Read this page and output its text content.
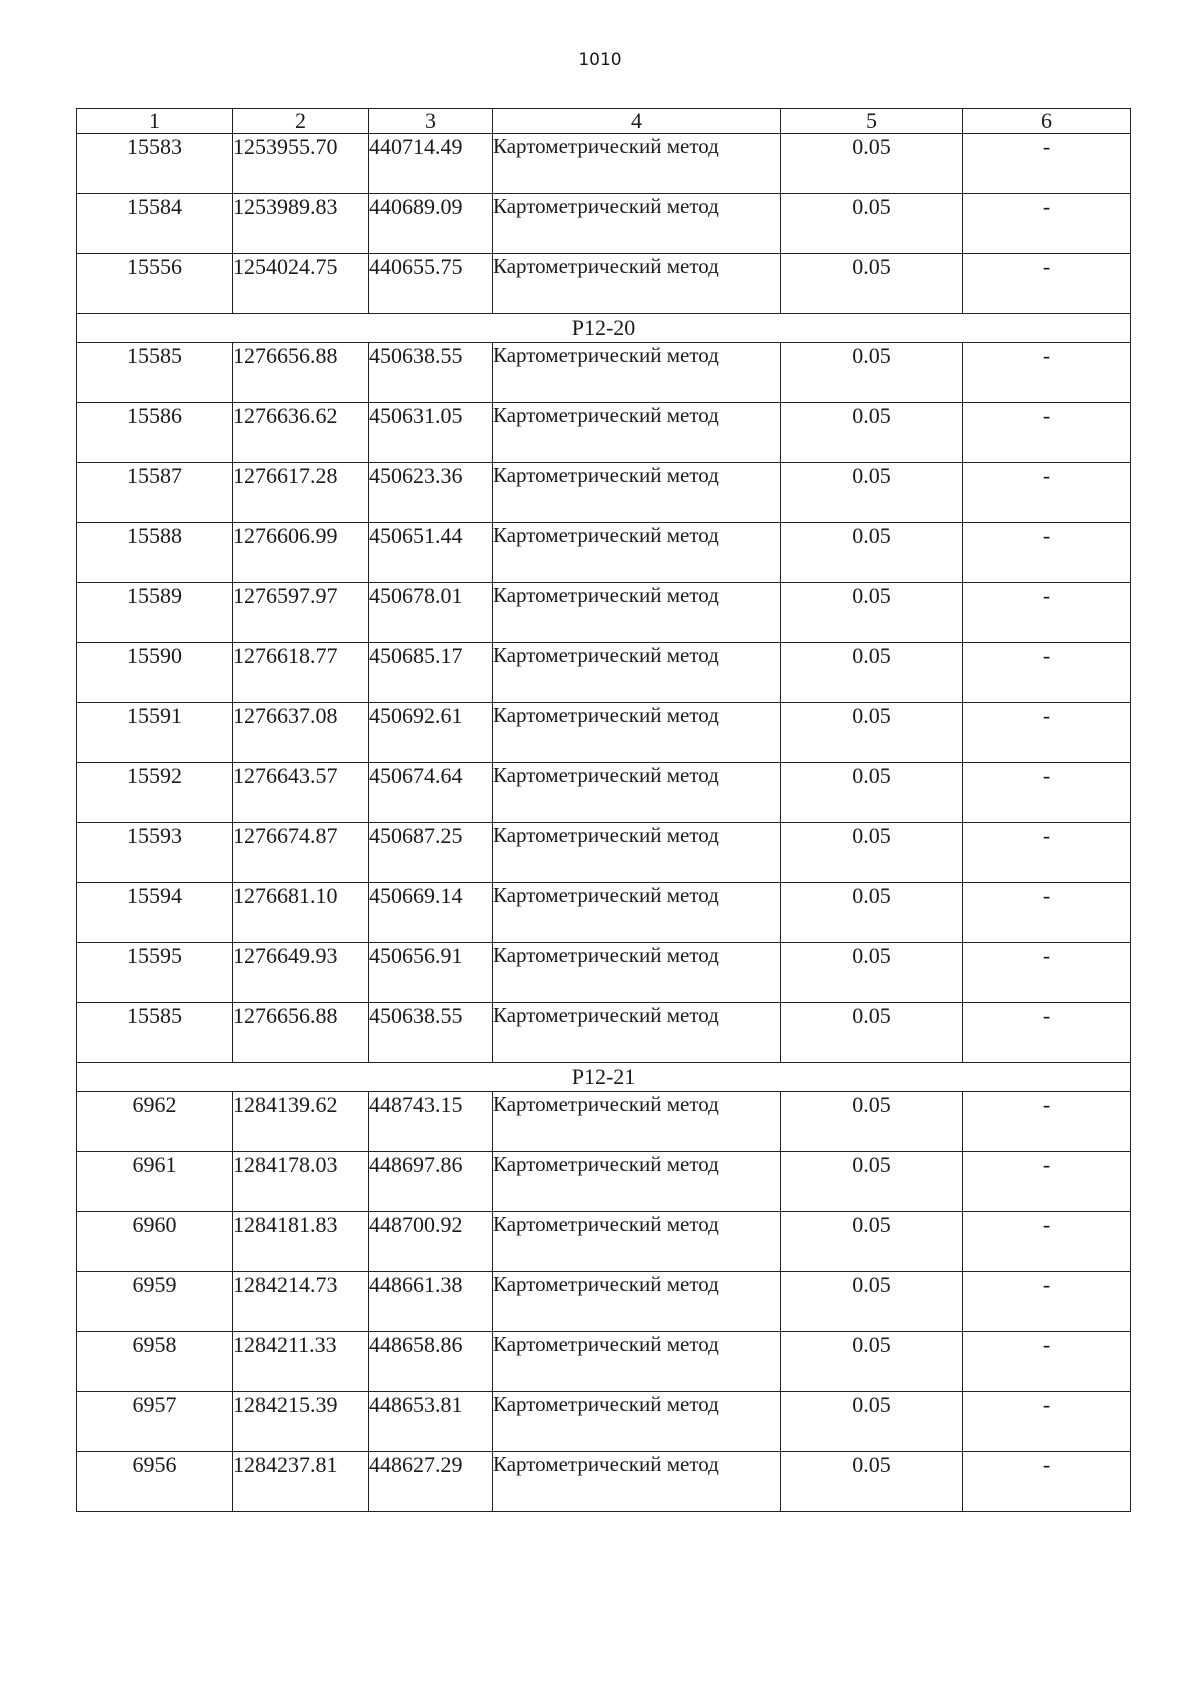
1010
1	2	3	4	5	6
15583	1253955.70	440714.49	Картометрический метод	0.05	-
15584	1253989.83	440689.09	Картометрический метод	0.05	-
15556	1254024.75	440655.75	Картометрический метод	0.05	-
Р12-20					
15585	1276656.88	450638.55	Картометрический метод	0.05	-
15586	1276636.62	450631.05	Картометрический метод	0.05	-
15587	1276617.28	450623.36	Картометрический метод	0.05	-
15588	1276606.99	450651.44	Картометрический метод	0.05	-
15589	1276597.97	450678.01	Картометрический метод	0.05	-
15590	1276618.77	450685.17	Картометрический метод	0.05	-
15591	1276637.08	450692.61	Картометрический метод	0.05	-
15592	1276643.57	450674.64	Картометрический метод	0.05	-
15593	1276674.87	450687.25	Картометрический метод	0.05	-
15594	1276681.10	450669.14	Картометрический метод	0.05	-
15595	1276649.93	450656.91	Картометрический метод	0.05	-
15585	1276656.88	450638.55	Картометрический метод	0.05	-
Р12-21					
6962	1284139.62	448743.15	Картометрический метод	0.05	-
6961	1284178.03	448697.86	Картометрический метод	0.05	-
6960	1284181.83	448700.92	Картометрический метод	0.05	-
6959	1284214.73	448661.38	Картометрический метод	0.05	-
6958	1284211.33	448658.86	Картометрический метод	0.05	-
6957	1284215.39	448653.81	Картометрический метод	0.05	-
6956	1284237.81	448627.29	Картометрический метод	0.05	-
